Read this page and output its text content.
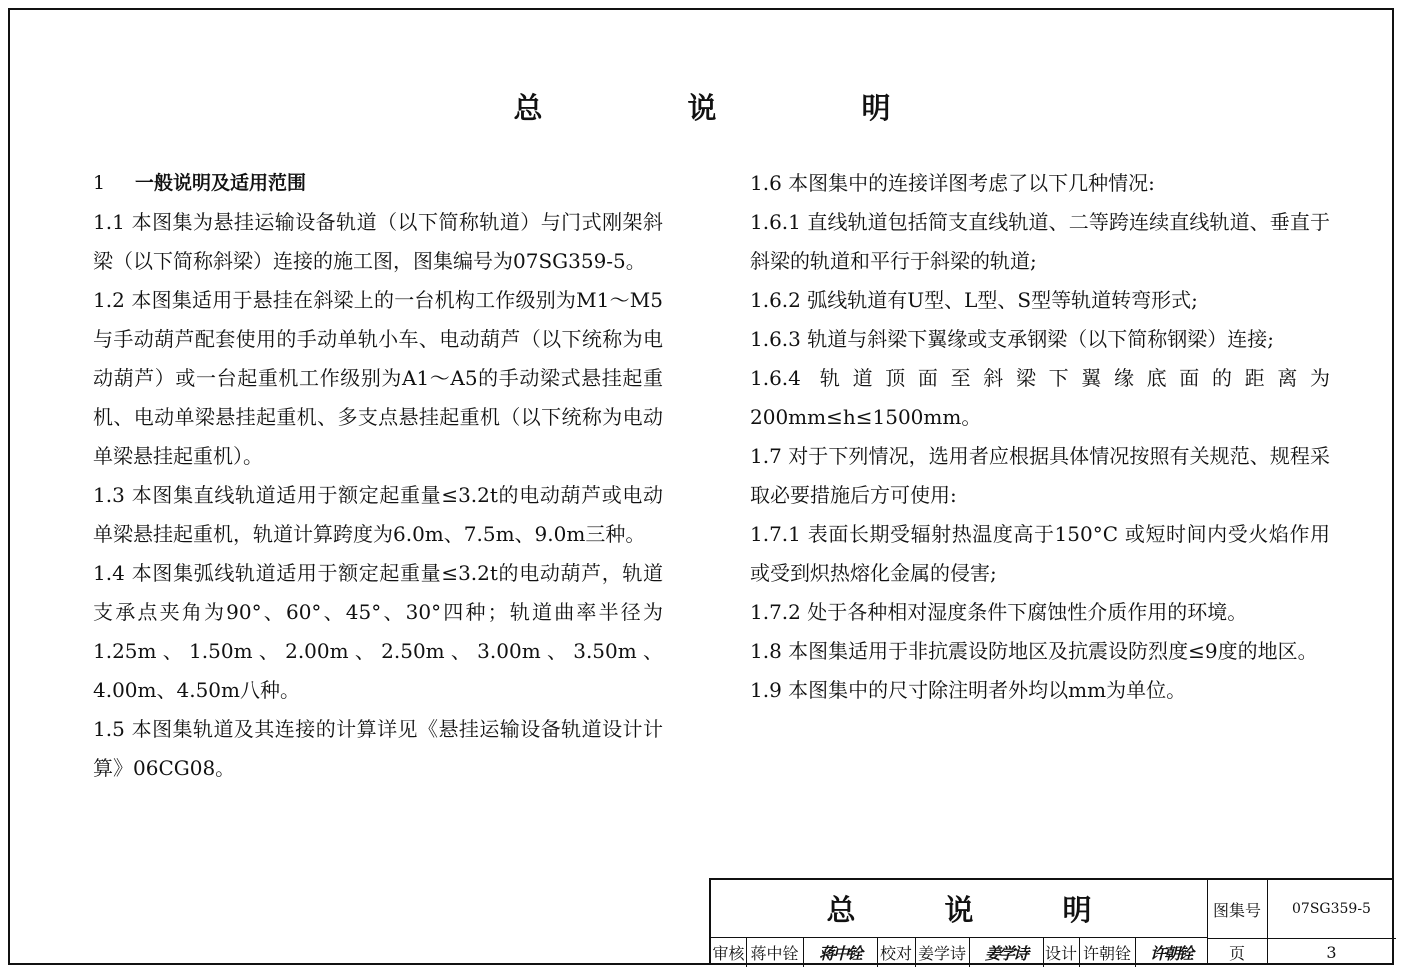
总　说　明

1 一般说明及适用范围

1.1 本图集为悬挂运输设备轨道（以下简称轨道）与门式刚架斜梁（以下简称斜梁）连接的施工图，图集编号为07SG359-5。

1.2 本图集适用于悬挂在斜梁上的一台机构工作级别为M1～M5与手动葫芦配套使用的手动单轨小车、电动葫芦（以下统称为电动葫芦）或一台起重机工作级别为A1～A5的手动梁式悬挂起重机、电动单梁悬挂起重机、多支点悬挂起重机（以下统称为电动单梁悬挂起重机）。

1.3 本图集直线轨道适用于额定起重量≤3.2t的电动葫芦或电动单梁悬挂起重机，轨道计算跨度为6.0m、7.5m、9.0m三种。

1.4 本图集弧线轨道适用于额定起重量≤3.2t的电动葫芦，轨道支承点夹角为90°、60°、45°、30°四种；轨道曲率半径为1.25m、1.50m、2.00m、2.50m、3.00m、3.50m、4.00m、4.50m八种。

1.5 本图集轨道及其连接的计算详见《悬挂运输设备轨道设计计算》06CG08。

1.6 本图集中的连接详图考虑了以下几种情况:

1.6.1 直线轨道包括简支直线轨道、二等跨连续直线轨道、垂直于斜梁的轨道和平行于斜梁的轨道;

1.6.2 弧线轨道有U型、L型、S型等轨道转弯形式;

1.6.3 轨道与斜梁下翼缘或支承钢梁（以下简称钢梁）连接;

1.6.4 轨道顶面至斜梁下翼缘底面的距离为200mm≤h≤1500mm。

1.7 对于下列情况，选用者应根据具体情况按照有关规范、规程采取必要措施后方可使用:

1.7.1 表面长期受辐射热温度高于150°C 或短时间内受火焰作用或受到炽热熔化金属的侵害;

1.7.2 处于各种相对湿度条件下腐蚀性介质作用的环境。

1.8 本图集适用于非抗震设防地区及抗震设防烈度≤9度的地区。

1.9 本图集中的尺寸除注明者外均以mm为单位。

总　说　明	图集号	07SG359-5
页	3
审核 蒋中铨	蒋中铨	校对 姜学诗	姜学诗	设计 许朝铨	许朝铨
